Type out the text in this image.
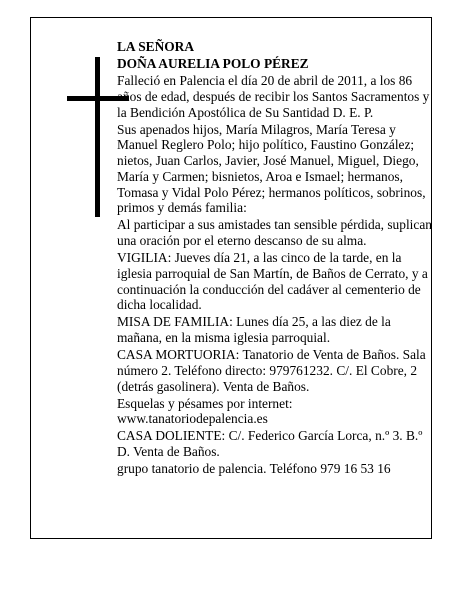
LA SEÑORA

DOÑA AURELIA POLO PÉREZ

Falleció en Palencia el día 20 de abril de 2011, a los 86 años de edad, después de recibir los Santos Sacramentos y la Bendición Apostólica de Su Santidad D. E. P.

Sus apenados hijos, María Milagros, María Teresa y Manuel Reglero Polo; hijo político, Faustino González; nietos, Juan Carlos, Javier, José Manuel, Miguel, Diego, María y Carmen; bisnietos, Aroa e Ismael; hermanos, Tomasa y Vidal Polo Pérez; hermanos políticos, sobrinos, primos y demás familia:

Al participar a sus amistades tan sensible pérdida, suplican una oración por el eterno descanso de su alma.

VIGILIA: Jueves día 21, a las cinco de la tarde, en la iglesia parroquial de San Martín, de Baños de Cerrato, y a continuación la conducción del cadáver al cementerio de dicha localidad.

MISA DE FAMILIA: Lunes día 25, a las diez de la mañana, en la misma iglesia parroquial.

CASA MORTUORIA: Tanatorio de Venta de Baños. Sala número 2. Teléfono directo: 979761232. C/. El Cobre, 2 (detrás gasolinera). Venta de Baños.

Esquelas y pésames por internet: www.tanatoriodepalencia.es

CASA DOLIENTE: C/. Federico García Lorca, n.º 3. B.º D. Venta de Baños.

grupo tanatorio de palencia. Teléfono 979 16 53 16
